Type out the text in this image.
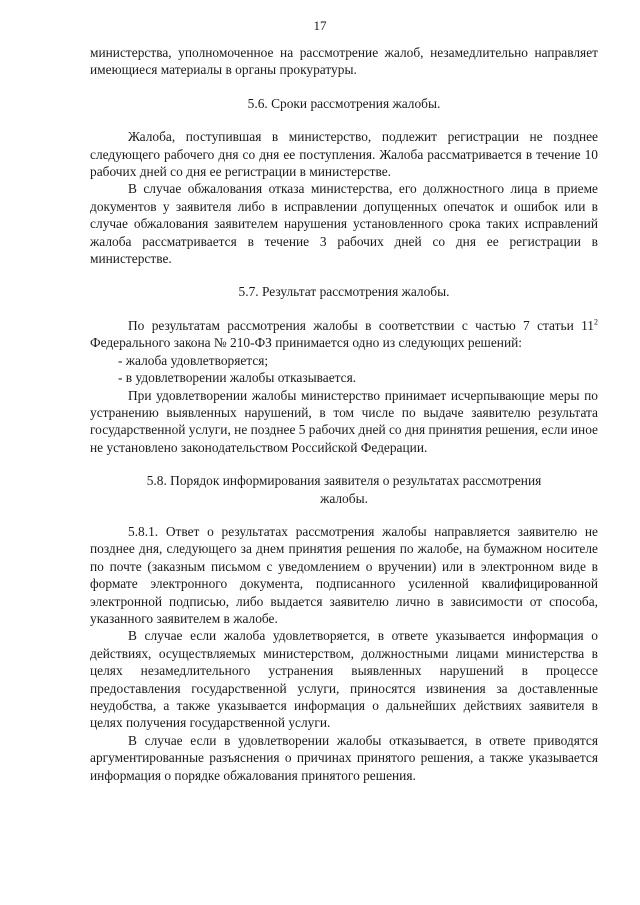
17

министерства, уполномоченное на рассмотрение жалоб, незамедлительно направляет имеющиеся материалы в органы прокуратуры.

5.6. Сроки рассмотрения жалобы.

Жалоба, поступившая в министерство, подлежит регистрации не позднее следующего рабочего дня со дня ее поступления. Жалоба рассматривается в течение 10 рабочих дней со дня ее регистрации в министерстве.

В случае обжалования отказа министерства, его должностного лица в приеме документов у заявителя либо в исправлении допущенных опечаток и ошибок или в случае обжалования заявителем нарушения установленного срока таких исправлений жалоба рассматривается в течение 3 рабочих дней со дня ее регистрации в министерстве.

5.7. Результат рассмотрения жалобы.

По результатам рассмотрения жалобы в соответствии с частью 7 статьи $11^2$ Федерального закона № 210-ФЗ принимается одно из следующих решений:

- жалоба удовлетворяется;

- в удовлетворении жалобы отказывается.

При удовлетворении жалобы министерство принимает исчерпывающие меры по устранению выявленных нарушений, в том числе по выдаче заявителю результата государственной услуги, не позднее 5 рабочих дней со дня принятия решения, если иное не установлено законодательством Российской Федерации.

5.8. Порядок информирования заявителя о результатах рассмотрения

жалобы.

5.8.1. Ответ о результатах рассмотрения жалобы направляется заявителю не позднее дня, следующего за днем принятия решения по жалобе, на бумажном носителе по почте (заказным письмом с уведомлением о вручении) или в электронном виде в формате электронного документа, подписанного усиленной квалифицированной электронной подписью, либо выдается заявителю лично в зависимости от способа, указанного заявителем в жалобе.

В случае если жалоба удовлетворяется, в ответе указывается информация о действиях, осуществляемых министерством, должностными лицами министерства в целях незамедлительного устранения выявленных нарушений в процессе предоставления государственной услуги, приносятся извинения за доставленные неудобства, а также указывается информация о дальнейших действиях заявителя в целях получения государственной услуги.

В случае если в удовлетворении жалобы отказывается, в ответе приводятся аргументированные разъяснения о причинах принятого решения, а также указывается информация о порядке обжалования принятого решения.
